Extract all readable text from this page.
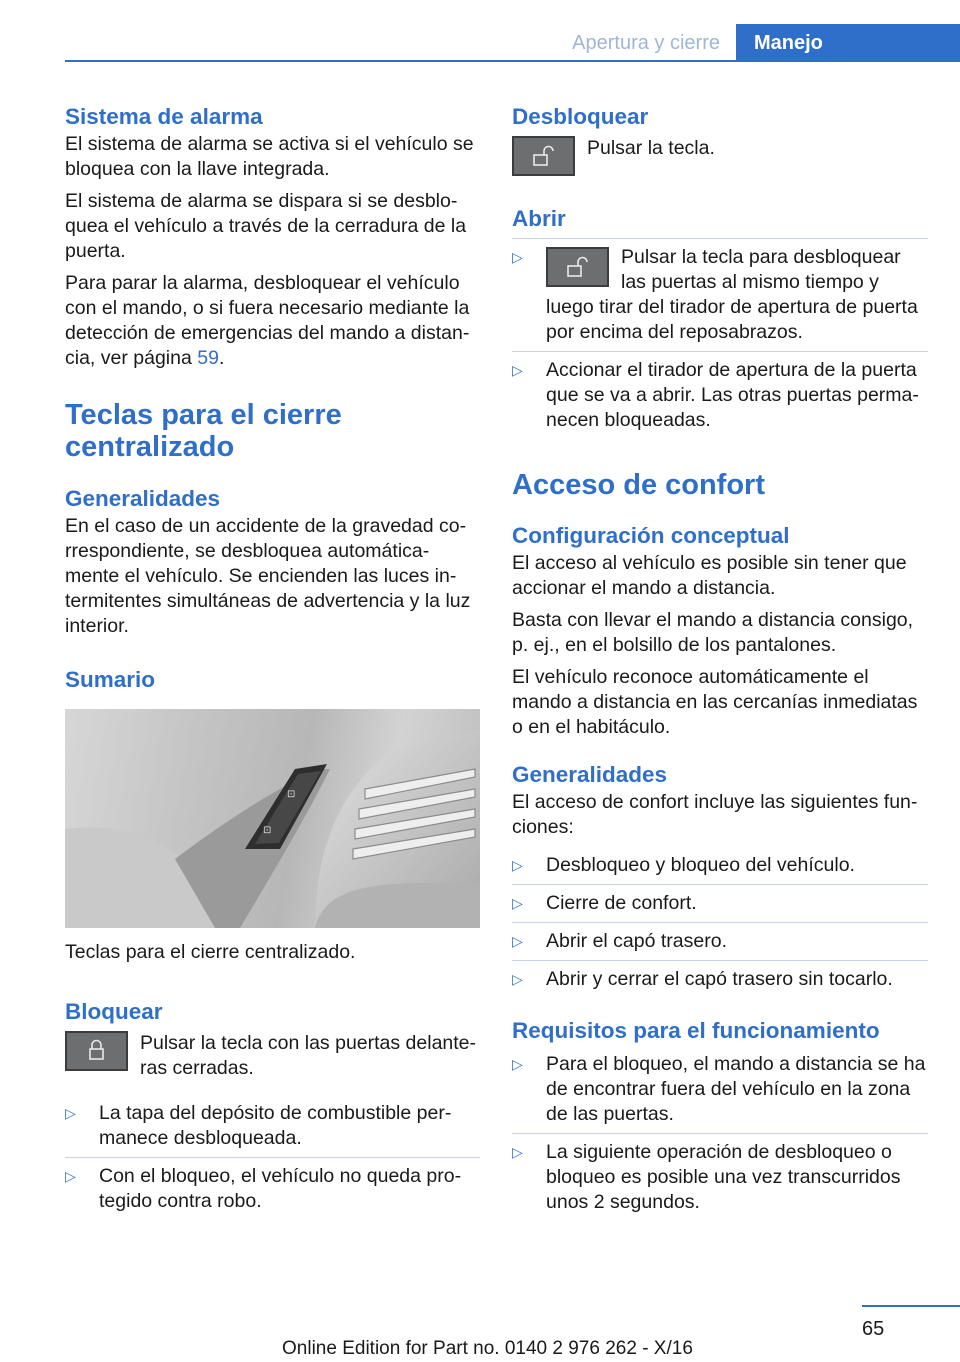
Apertura y cierre	Manejo
Sistema de alarma

El sistema de alarma se activa si el vehículo se bloquea con la llave integrada.

El sistema de alarma se dispara si se desblo‐quea el vehículo a través de la cerradura de la puerta.

Para parar la alarma, desbloquear el vehículo con el mando, o si fuera necesario mediante la detección de emergencias del mando a distan‐cia, ver página 59.

Teclas para el cierre centralizado
Generalidades

En el caso de un accidente de la gravedad co‐rrespondiente, se desbloquea automática‐mente el vehículo. Se encienden las luces in‐termitentes simultáneas de advertencia y la luz interior.

Sumario
⊡
⊡

Teclas para el cierre centralizado.

Bloquear
Pulsar la tecla con las puertas delante‐ras cerradas.
▷ La tapa del depósito de combustible per‐manece desbloqueada.
▷ Con el bloqueo, el vehículo no queda pro‐tegido contra robo.
Desbloquear
Pulsar la tecla.
Abrir
▷	Pulsar la tecla para desbloquear las puertas al mismo tiempo y luego tirar del tirador de apertura de puerta por encima del reposabrazos.
▷ Accionar el tirador de apertura de la puerta que se va a abrir. Las otras puertas perma‐necen bloqueadas.
Acceso de confort
Configuración conceptual

El acceso al vehículo es posible sin tener que accionar el mando a distancia.

Basta con llevar el mando a distancia consigo, p. ej., en el bolsillo de los pantalones.

El vehículo reconoce automáticamente el mando a distancia en las cercanías inmediatas o en el habitáculo.

Generalidades

El acceso de confort incluye las siguientes fun‐ciones:

▷ Desbloqueo y bloqueo del vehículo.
▷ Cierre de confort.
▷ Abrir el capó trasero.
▷ Abrir y cerrar el capó trasero sin tocarlo.
Requisitos para el funcionamiento
▷ Para el bloqueo, el mando a distancia se ha de encontrar fuera del vehículo en la zona de las puertas.
▷ La siguiente operación de desbloqueo o bloqueo es posible una vez transcurridos unos 2 segundos.
65
Online Edition for Part no. 0140 2 976 262 - X/16
